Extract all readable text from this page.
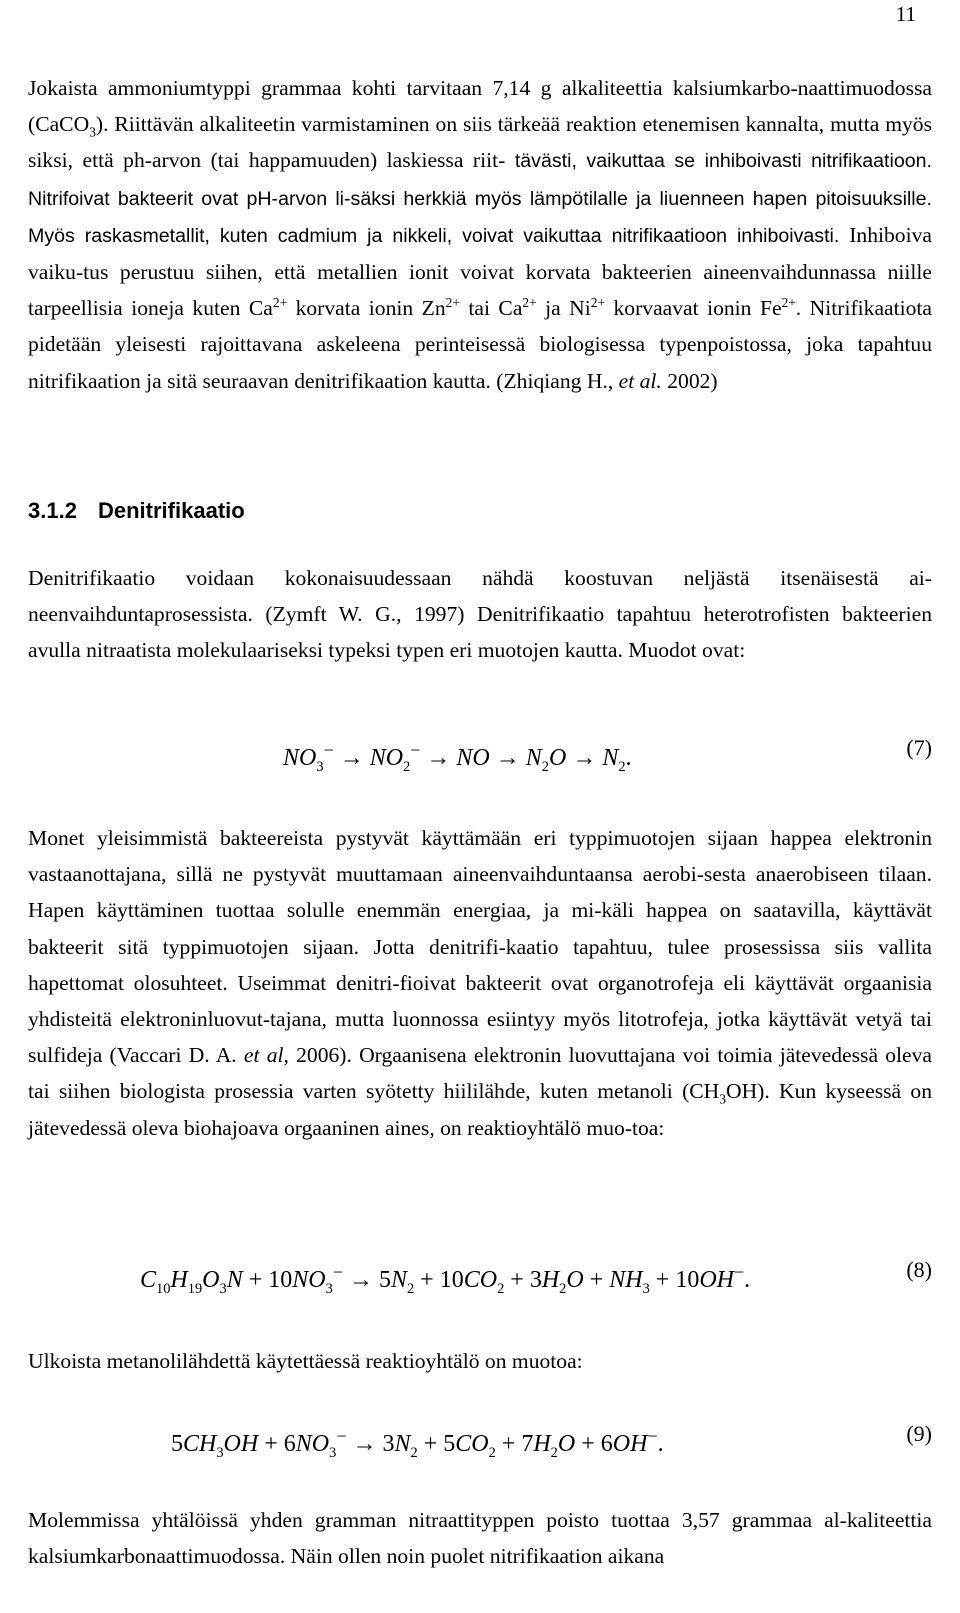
11

Jokaista ammoniumtyppi grammaa kohti tarvitaan 7,14 g alkaliteettia kalsiumkarbo-naattimuodossa (CaCO$_3$). Riittävän alkaliteetin varmistaminen on siis tärkeää reaktion etenemisen kannalta, mutta myös siksi, että ph-arvon (tai happamuuden) laskiessa riit- tävästi, vaikuttaa se inhiboivasti nitrifikaatioon. Nitrifoivat bakteerit ovat pH-arvon li-säksi herkkiä myös lämpötilalle ja liuenneen hapen pitoisuuksille. Myös raskasmetallit, kuten cadmium ja nikkeli, voivat vaikuttaa nitrifikaatioon inhiboivasti. Inhiboiva vaiku-tus perustuu siihen, että metallien ionit voivat korvata bakteerien aineenvaihdunnassa niille tarpeellisia ioneja kuten $Ca^{2+}$ korvata ionin $Zn^{2+}$ tai $Ca^{2+}$ ja $Ni^{2+}$ korvaavat ionin $Fe^{2+}$. Nitrifikaatiota pidetään yleisesti rajoittavana askeleena perinteisessä biologisessa typenpoistossa, joka tapahtuu nitrifikaation ja sitä seuraavan denitrifikaation kautta. (Zhiqiang H., et al. 2002)

3.1.2 Denitrifikaatio

Denitrifikaatio voidaan kokonaisuudessaan nähdä koostuvan neljästä itsenäisestä ai-neenvaihduntaprosessista. (Zymft W. G., 1997) Denitrifikaatio tapahtuu heterotrofisten bakteerien avulla nitraatista molekulaariseksi typeksi typen eri muotojen kautta. Muodot ovat:

$NO_3^- \to NO_2^-$ → NO → $N_2O \to N_2$.	(7)

Monet yleisimmistä bakteereista pystyvät käyttämään eri typpimuotojen sijaan happea elektronin vastaanottajana, sillä ne pystyvät muuttamaan aineenvaihduntaansa aerobi-sesta anaerobiseen tilaan. Hapen käyttäminen tuottaa solulle enemmän energiaa, ja mi-käli happea on saatavilla, käyttävät bakteerit sitä typpimuotojen sijaan. Jotta denitrifi-kaatio tapahtuu, tulee prosessissa siis vallita hapettomat olosuhteet. Useimmat denitri-fioivat bakteerit ovat organotrofeja eli käyttävät orgaanisia yhdisteitä elektroninluovut-tajana, mutta luonnossa esiintyy myös litotrofeja, jotka käyttävät vetyä tai sulfideja (Vaccari D. A. et al, 2006). Orgaanisena elektronin luovuttajana voi toimia jätevedessä oleva tai siihen biologista prosessia varten syötetty hiililähde, kuten metanoli $(CH_3OH)$. Kun kyseessä on jätevedessä oleva biohajoava orgaaninen aines, on reaktioyhtälö muo-toa:

$C_{10}H_{19}O_3N + 10NO_3^- \to 5N_2 + 10CO_2 + 3H_2O + NH_3 + 10OH^-$.	(8)

Ulkoista metanolilähdettä käytettäessä reaktioyhtälö on muotoa:

$5CH_3OH + 6NO_3^- \to 3N_2 + 5CO_2 + 7H_2O + 6OH^-$.	(9)

Molemmissa yhtälöissä yhden gramman nitraattityppen poisto tuottaa 3,57 grammaa al-kaliteettia kalsiumkarbonaattimuodossa. Näin ollen noin puolet nitrifikaation aikana
